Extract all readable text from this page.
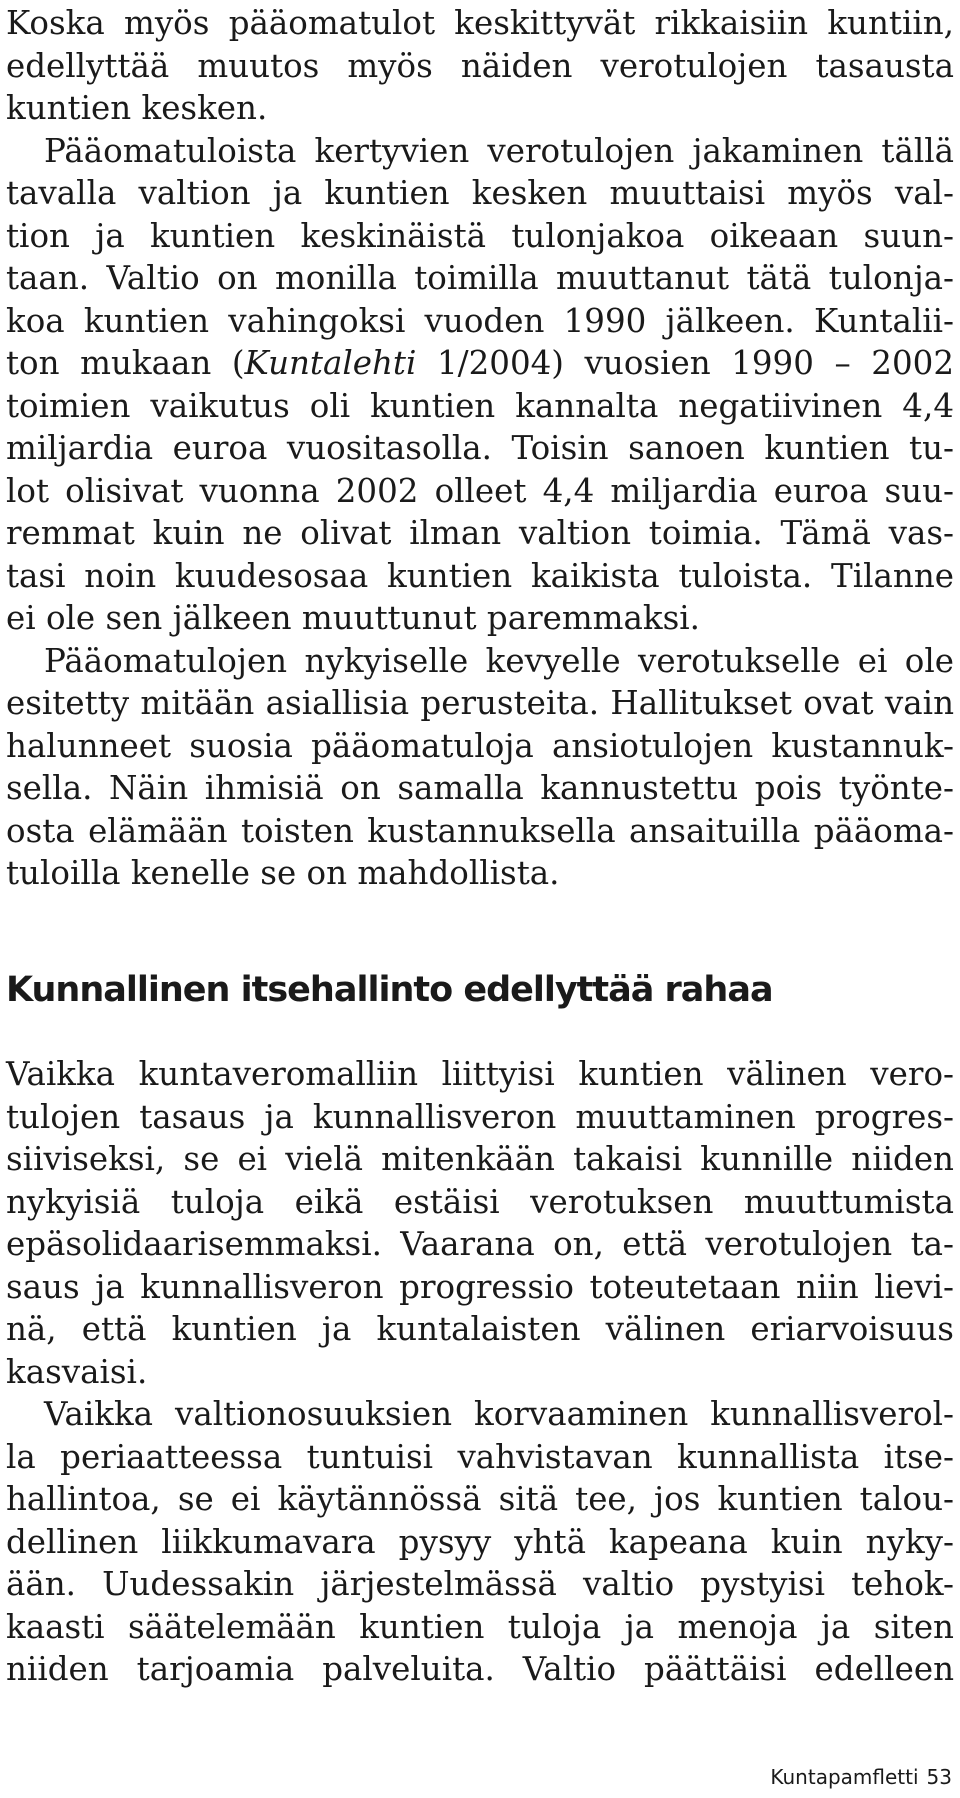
Koska myös pääomatulot keskittyvät rikkaisiin kuntiin,
edellyttää muutos myös näiden verotulojen tasausta
kuntien kesken.
Pääomatuloista kertyvien verotulojen jakaminen tällä
tavalla valtion ja kuntien kesken muuttaisi myös val-
tion ja kuntien keskinäistä tulonjakoa oikeaan suun-
taan. Valtio on monilla toimilla muuttanut tätä tulonja-
koa kuntien vahingoksi vuoden 1990 jälkeen. Kuntalii-
ton mukaan (Kuntalehti 1/2004) vuosien 1990 – 2002
toimien vaikutus oli kuntien kannalta negatiivinen 4,4
miljardia euroa vuositasolla. Toisin sanoen kuntien tu-
lot olisivat vuonna 2002 olleet 4,4 miljardia euroa suu-
remmat kuin ne olivat ilman valtion toimia. Tämä vas-
tasi noin kuudesosaa kuntien kaikista tuloista. Tilanne
ei ole sen jälkeen muuttunut paremmaksi.
Pääomatulojen nykyiselle kevyelle verotukselle ei ole
esitetty mitään asiallisia perusteita. Hallitukset ovat vain
halunneet suosia pääomatuloja ansiotulojen kustannuk-
sella. Näin ihmisiä on samalla kannustettu pois työnte-
osta elämään toisten kustannuksella ansaituilla pääoma-
tuloilla kenelle se on mahdollista.
Kunnallinen itsehallinto edellyttää rahaa
Vaikka kuntaveromalliin liittyisi kuntien välinen vero-
tulojen tasaus ja kunnallisveron muuttaminen progres-
siiviseksi, se ei vielä mitenkään takaisi kunnille niiden
nykyisiä tuloja eikä estäisi verotuksen muuttumista
epäsolidaarisemmaksi. Vaarana on, että verotulojen ta-
saus ja kunnallisveron progressio toteutetaan niin lievi-
nä, että kuntien ja kuntalaisten välinen eriarvoisuus
kasvaisi.
Vaikka valtionosuuksien korvaaminen kunnallisverol-
la periaatteessa tuntuisi vahvistavan kunnallista itse-
hallintoa, se ei käytännössä sitä tee, jos kuntien talou-
dellinen liikkumavara pysyy yhtä kapeana kuin nyky-
ään. Uudessakin järjestelmässä valtio pystyisi tehok-
kaasti säätelemään kuntien tuloja ja menoja ja siten
niiden tarjoamia palveluita. Valtio päättäisi edelleen
Kuntapamfletti 53
